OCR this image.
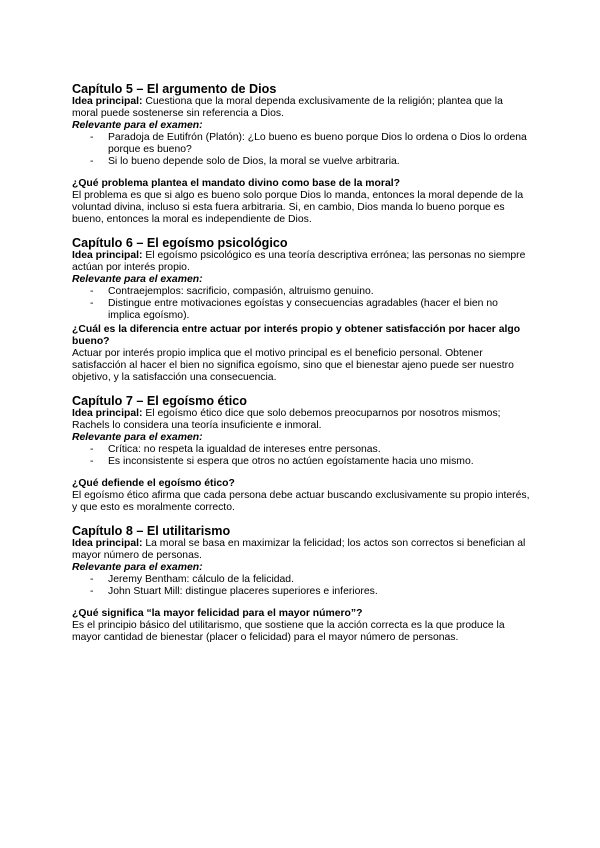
Capítulo 5 – El argumento de Dios

Idea principal: Cuestiona que la moral dependa exclusivamente de la religión; plantea que la moral puede sostenerse sin referencia a Dios.

Relevante para el examen:

- Paradoja de Eutifrón (Platón): ¿Lo bueno es bueno porque Dios lo ordena o Dios lo ordena porque es bueno?
- Si lo bueno depende solo de Dios, la moral se vuelve arbitraria.

¿Qué problema plantea el mandato divino como base de la moral?

El problema es que si algo es bueno solo porque Dios lo manda, entonces la moral depende de la voluntad divina, incluso si esta fuera arbitraria. Si, en cambio, Dios manda lo bueno porque es bueno, entonces la moral es independiente de Dios.

Capítulo 6 – El egoísmo psicológico

Idea principal: El egoísmo psicológico es una teoría descriptiva errónea; las personas no siempre actúan por interés propio.

Relevante para el examen:

- Contraejemplos: sacrificio, compasión, altruismo genuino.
- Distingue entre motivaciones egoístas y consecuencias agradables (hacer el bien no implica egoísmo).

¿Cuál es la diferencia entre actuar por interés propio y obtener satisfacción por hacer algo bueno?

Actuar por interés propio implica que el motivo principal es el beneficio personal. Obtener satisfacción al hacer el bien no significa egoísmo, sino que el bienestar ajeno puede ser nuestro objetivo, y la satisfacción una consecuencia.

Capítulo 7 – El egoísmo ético

Idea principal: El egoísmo ético dice que solo debemos preocuparnos por nosotros mismos; Rachels lo considera una teoría insuficiente e inmoral.

Relevante para el examen:

- Crítica: no respeta la igualdad de intereses entre personas.
- Es inconsistente si espera que otros no actúen egoístamente hacia uno mismo.

¿Qué defiende el egoísmo ético?

El egoísmo ético afirma que cada persona debe actuar buscando exclusivamente su propio interés, y que esto es moralmente correcto.

Capítulo 8 – El utilitarismo

Idea principal: La moral se basa en maximizar la felicidad; los actos son correctos si benefician al mayor número de personas.

Relevante para el examen:

- Jeremy Bentham: cálculo de la felicidad.
- John Stuart Mill: distingue placeres superiores e inferiores.

¿Qué significa “la mayor felicidad para el mayor número”?

Es el principio básico del utilitarismo, que sostiene que la acción correcta es la que produce la mayor cantidad de bienestar (placer o felicidad) para el mayor número de personas.
